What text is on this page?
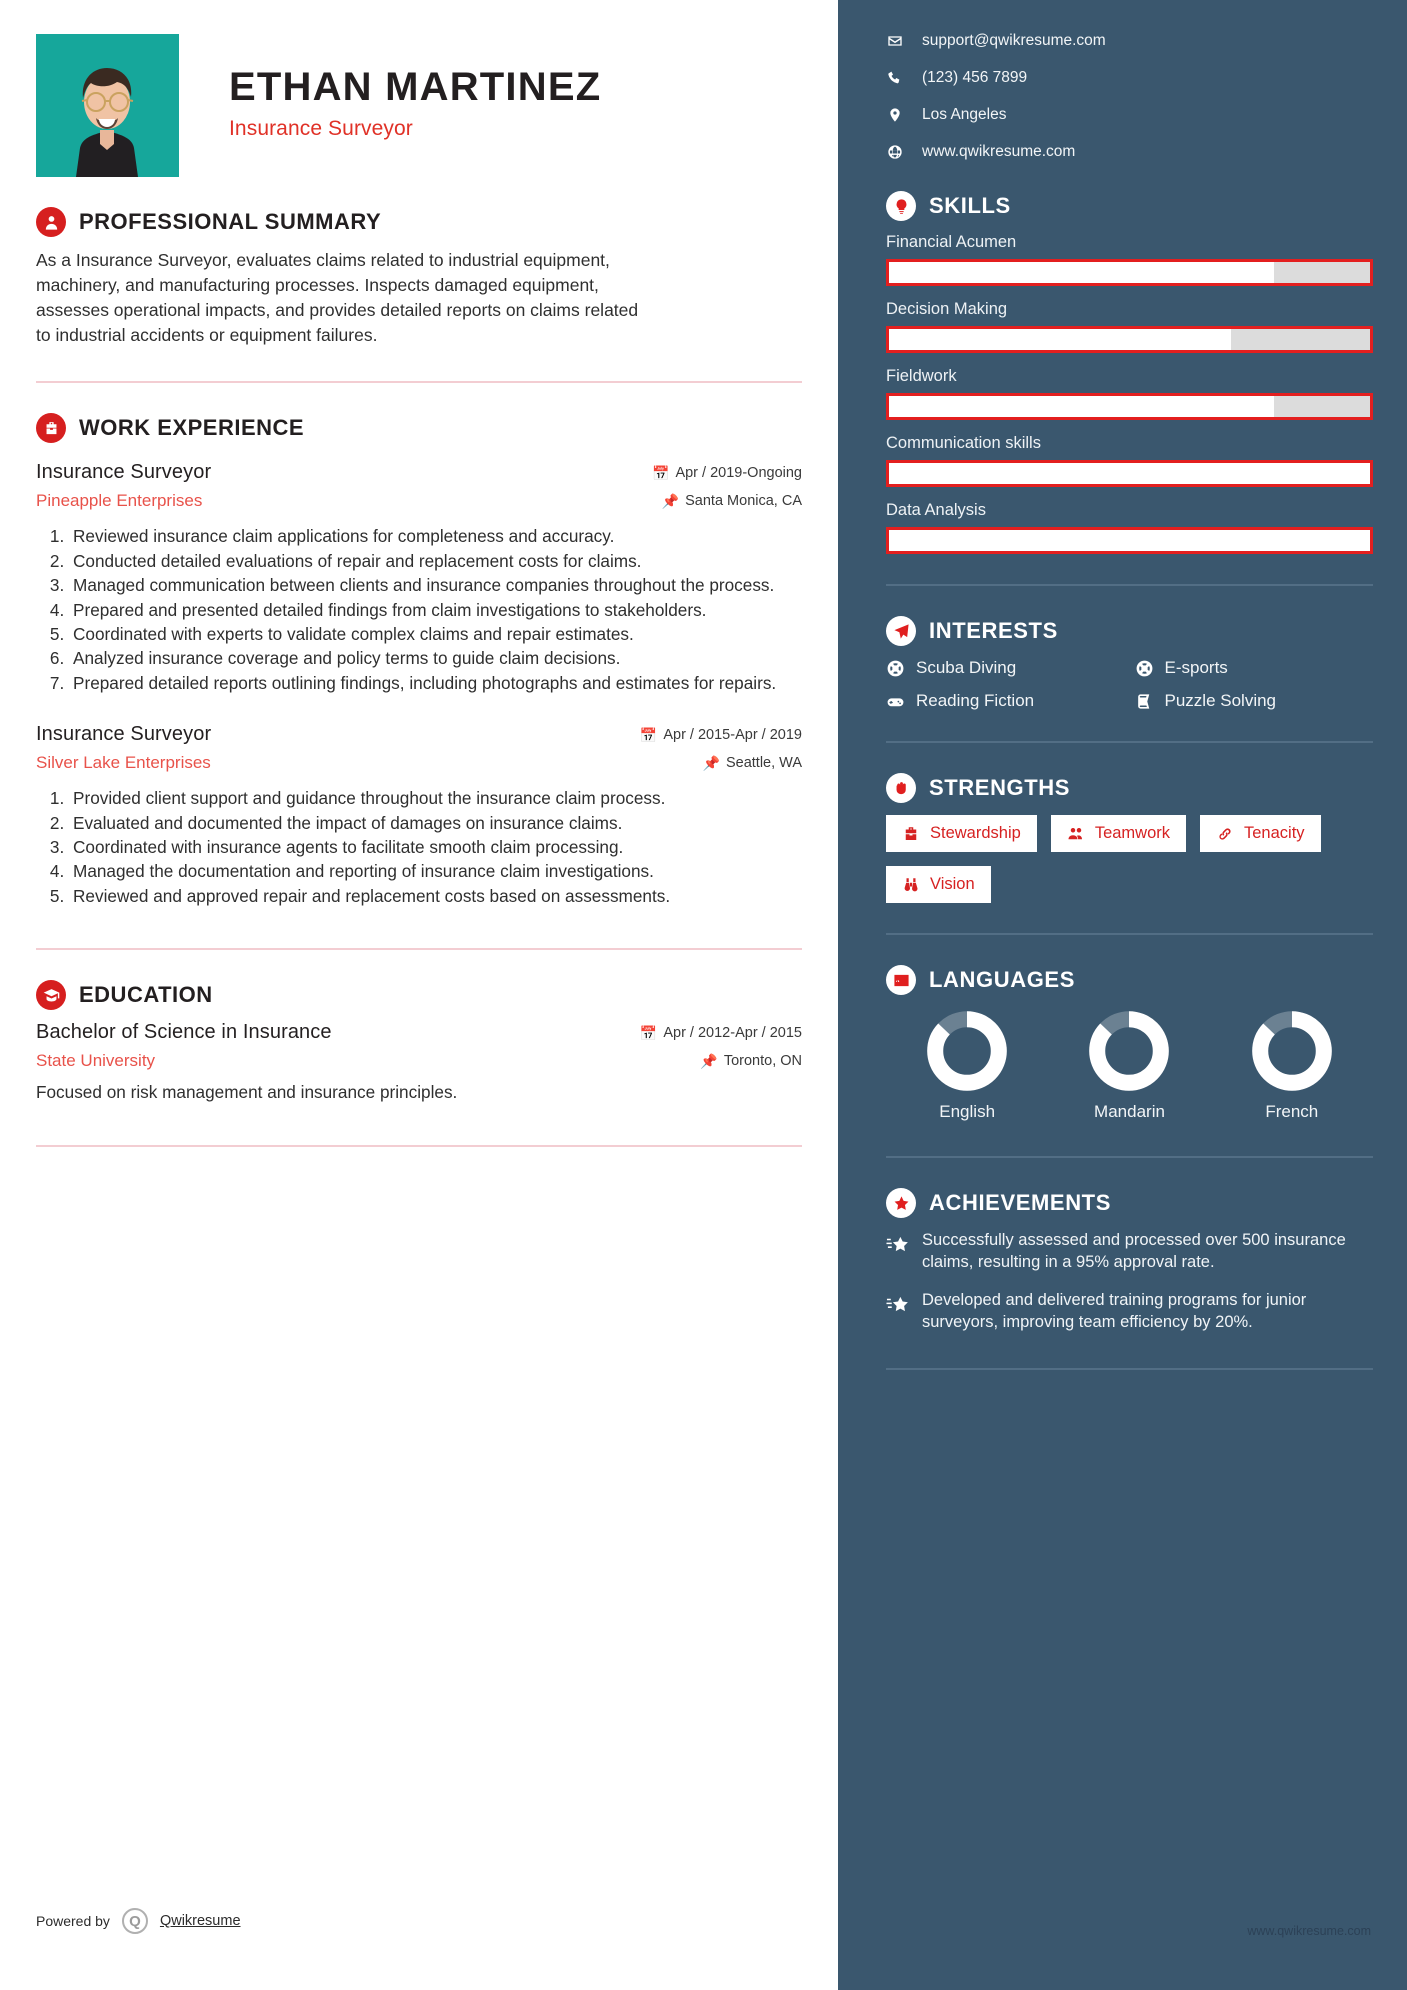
ETHAN MARTINEZ
Insurance Surveyor
PROFESSIONAL SUMMARY
As a Insurance Surveyor, evaluates claims related to industrial equipment, machinery, and manufacturing processes. Inspects damaged equipment, assesses operational impacts, and provides detailed reports on claims related to industrial accidents or equipment failures.
WORK EXPERIENCE
Insurance Surveyor	📅 Apr / 2019-Ongoing
Pineapple Enterprises	📌 Santa Monica, CA
1. Reviewed insurance claim applications for completeness and accuracy.
2. Conducted detailed evaluations of repair and replacement costs for claims.
3. Managed communication between clients and insurance companies throughout the process.
4. Prepared and presented detailed findings from claim investigations to stakeholders.
5. Coordinated with experts to validate complex claims and repair estimates.
6. Analyzed insurance coverage and policy terms to guide claim decisions.
7. Prepared detailed reports outlining findings, including photographs and estimates for repairs.
Insurance Surveyor	📅 Apr / 2015-Apr / 2019
Silver Lake Enterprises	📌 Seattle, WA
1. Provided client support and guidance throughout the insurance claim process.
2. Evaluated and documented the impact of damages on insurance claims.
3. Coordinated with insurance agents to facilitate smooth claim processing.
4. Managed the documentation and reporting of insurance claim investigations.
5. Reviewed and approved repair and replacement costs based on assessments.
EDUCATION
Bachelor of Science in Insurance	📅 Apr / 2012-Apr / 2015
State University	📌 Toronto, ON
Focused on risk management and insurance principles.
Powered by	Q	Qwikresume
support@qwikresume.com
(123) 456 7899
Los Angeles
www.qwikresume.com
SKILLS
Financial Acumen
Decision Making
Fieldwork
Communication skills
Data Analysis
INTERESTS
Scuba Diving	E-sports
Reading Fiction	Puzzle Solving
STRENGTHS
Stewardship	Teamwork	Tenacity
Vision
LANGUAGES
English	Mandarin	French
ACHIEVEMENTS
Successfully assessed and processed over 500 insurance claims, resulting in a 95% approval rate.
Developed and delivered training programs for junior surveyors, improving team efficiency by 20%.
www.qwikresume.com
